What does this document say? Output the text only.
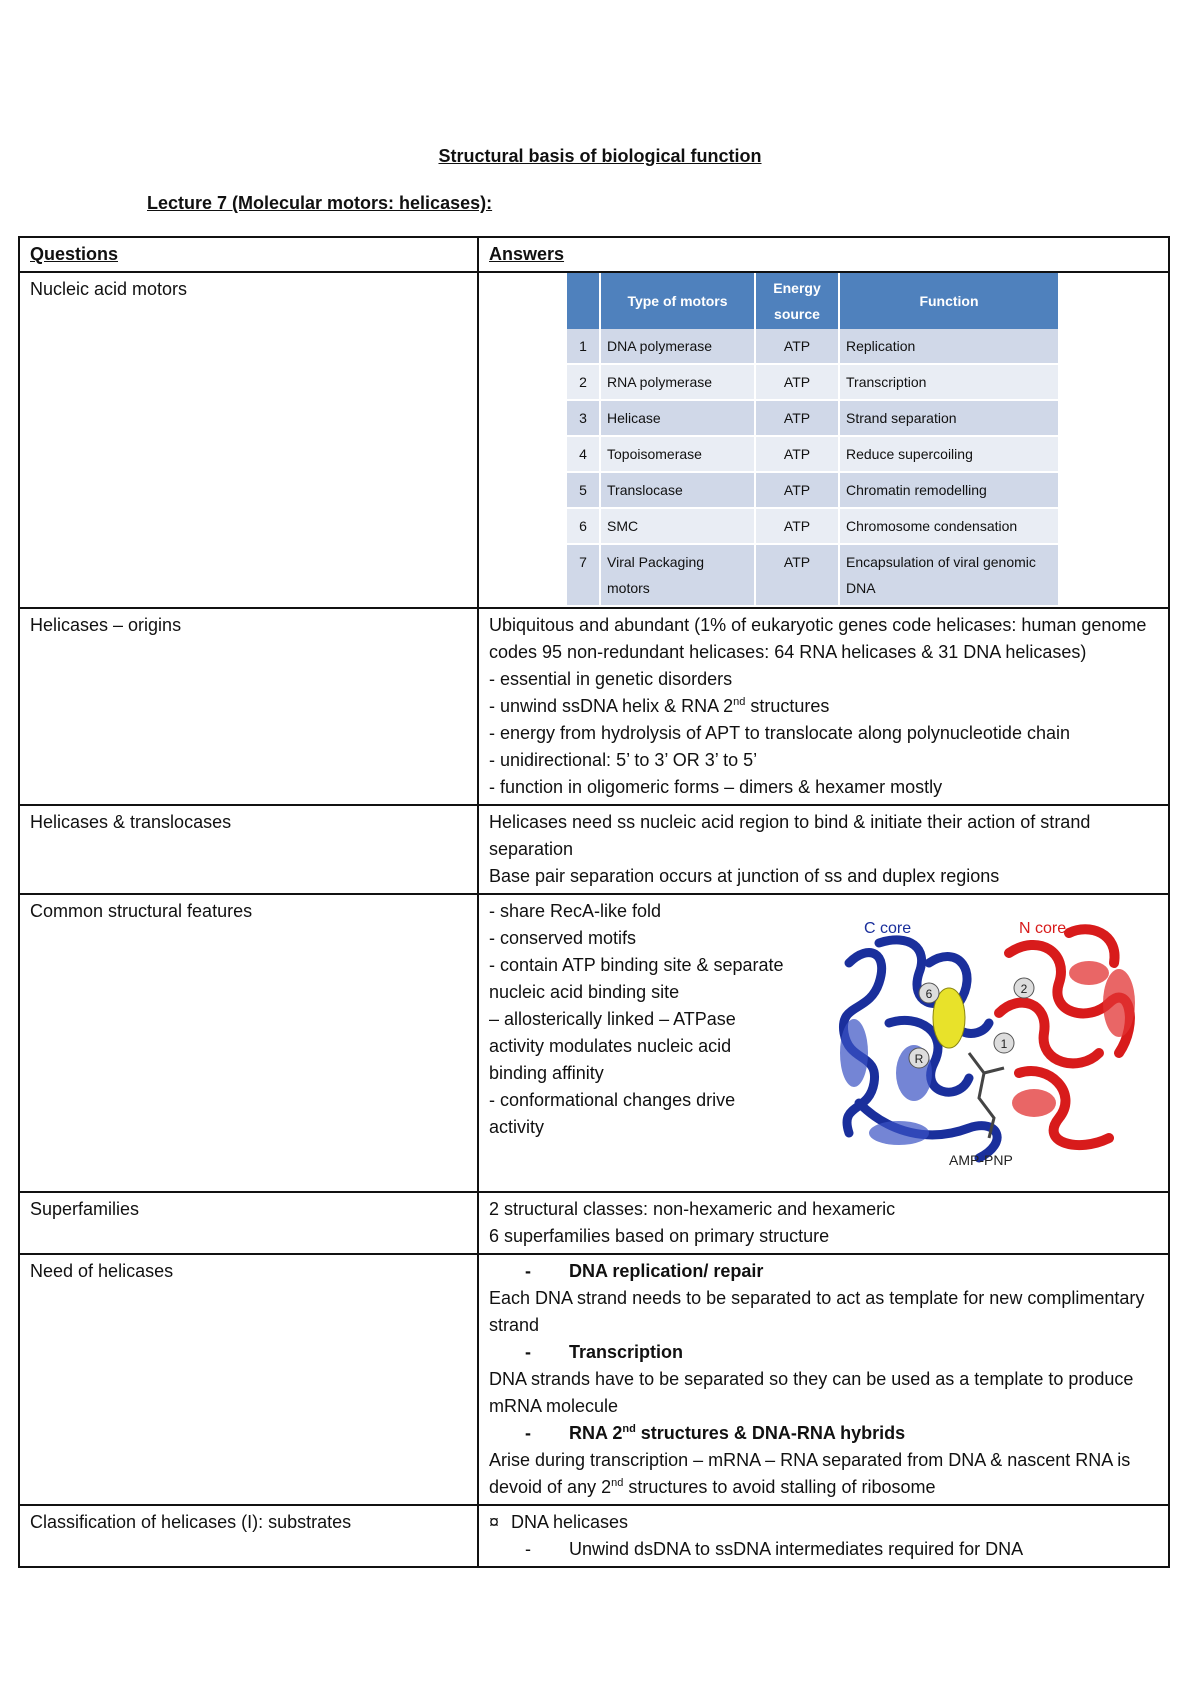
Structural basis of biological function
Lecture 7 (Molecular motors: helicases):
Questions	Answers
Nucleic acid motors	
	Type of motors	Energy source	Function
1	DNA polymerase	ATP	Replication
2	RNA polymerase	ATP	Transcription
3	Helicase	ATP	Strand separation
4	Topoisomerase	ATP	Reduce supercoiling
5	Translocase	ATP	Chromatin remodelling
6	SMC	ATP	Chromosome condensation
7	Viral Packaging motors	ATP	Encapsulation of viral genomic DNA

Helicases – origins	Ubiquitous and abundant (1% of eukaryotic genes code helicases: human genome codes 95 non-redundant helicases: 64 RNA helicases & 31 DNA helicases)
- essential in genetic disorders
- unwind ssDNA helix & RNA 2nd structures
- energy from hydrolysis of APT to translocate along polynucleotide chain
- unidirectional: 5’ to 3’ OR 3’ to 5’
- function in oligomeric forms – dimers & hexamer mostly

Helicases & translocases	Helicases need ss nucleic acid region to bind & initiate their action of strand separation
Base pair separation occurs at junction of ss and duplex regions

Common structural features	- share RecA-like fold
- conserved motifs
- contain ATP binding site & separate nucleic acid binding site
– allosterically linked – ATPase activity modulates nucleic acid binding affinity
- conformational changes drive activity
6	2
R
1
C core	N core
AMP-PNP

Superfamilies	2 structural classes: non-hexameric and hexameric
6 superfamilies based on primary structure

Need of helicases	- DNA replication/ repair
Each DNA strand needs to be separated to act as template for new complimentary strand
- Transcription
DNA strands have to be separated so they can be used as a template to produce mRNA molecule
- RNA 2nd structures & DNA-RNA hybrids
Arise during transcription – mRNA – RNA separated from DNA & nascent RNA is devoid of any 2nd structures to avoid stalling of ribosome

Classification of helicases (I): substrates	¤ DNA helicases
- Unwind dsDNA to ssDNA intermediates required for DNA
